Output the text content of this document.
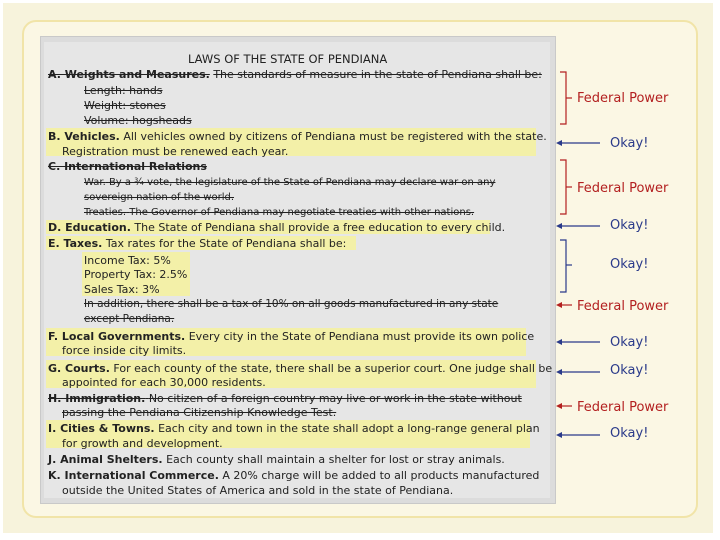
LAWS OF THE STATE OF PENDIANA
A. Weights and Measures. The standards of measure in the state of Pendiana shall be:
Length: hands
Weight: stones
Volume: hogsheads
B. Vehicles. All vehicles owned by citizens of Pendiana must be registered with the state.
Registration must be renewed each year.
C. International Relations
War. By a ¾ vote, the legislature of the State of Pendiana may declare war on any
sovereign nation of the world.
Treaties. The Governor of Pendiana may negotiate treaties with other nations.
D. Education. The State of Pendiana shall provide a free education to every child.
E. Taxes. Tax rates for the State of Pendiana shall be:
Income Tax: 5%
Property Tax: 2.5%
Sales Tax: 3%
In addition, there shall be a tax of 10% on all goods manufactured in any state
except Pendiana.
F. Local Governments. Every city in the State of Pendiana must provide its own police
force inside city limits.
G. Courts. For each county of the state, there shall be a superior court. One judge shall be
appointed for each 30,000 residents.
H. Immigration. No citizen of a foreign country may live or work in the state without
passing the Pendiana Citizenship Knowledge Test.
I. Cities & Towns. Each city and town in the state shall adopt a long-range general plan
for growth and development.
J. Animal Shelters. Each county shall maintain a shelter for lost or stray animals.
K. International Commerce. A 20% charge will be added to all products manufactured
outside the United States of America and sold in the state of Pendiana.
Federal Power
Okay!
Federal Power
Okay!
Okay!
Federal Power
Okay!
Okay!
Federal Power
Okay!
